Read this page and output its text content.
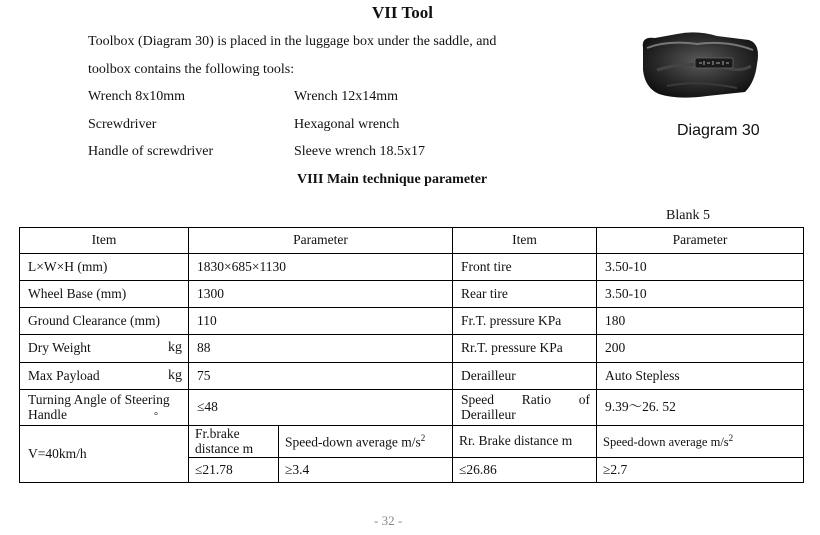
VII Tool
Toolbox (Diagram 30) is placed in the luggage box under the saddle, and
toolbox contains the following tools:
Wrench 8x10mm	Wrench 12x14mm
Screwdriver	Hexagonal wrench
Handle of screwdriver	Sleeve wrench 18.5x17
Diagram 30
VIII Main technique parameter
Blank 5
Item	Parameter		Item	Parameter
L×W×H (mm)	1830×685×1130		Front tire	3.50-10
Wheel Base (mm)	1300		Rear tire	3.50-10
Ground Clearance (mm)	110		Fr.T. pressure KPa	180

Dry Weight kg	88		Rr.T. pressure KPa	200

Max Payload kg	75		Derailleur	Auto Stepless
Turning Angle of Steering Handle °	≤48		Speed Ratio of Derailleur	9.39～26. 52
V=40km/h	Fr.brake distance m	Speed-down average $m/s^2$	Rr. Brake distance m	Speed-down average $m/s^2$
	≤21.78	≥3.4	≤26.86	≥2.7
- 32 -
